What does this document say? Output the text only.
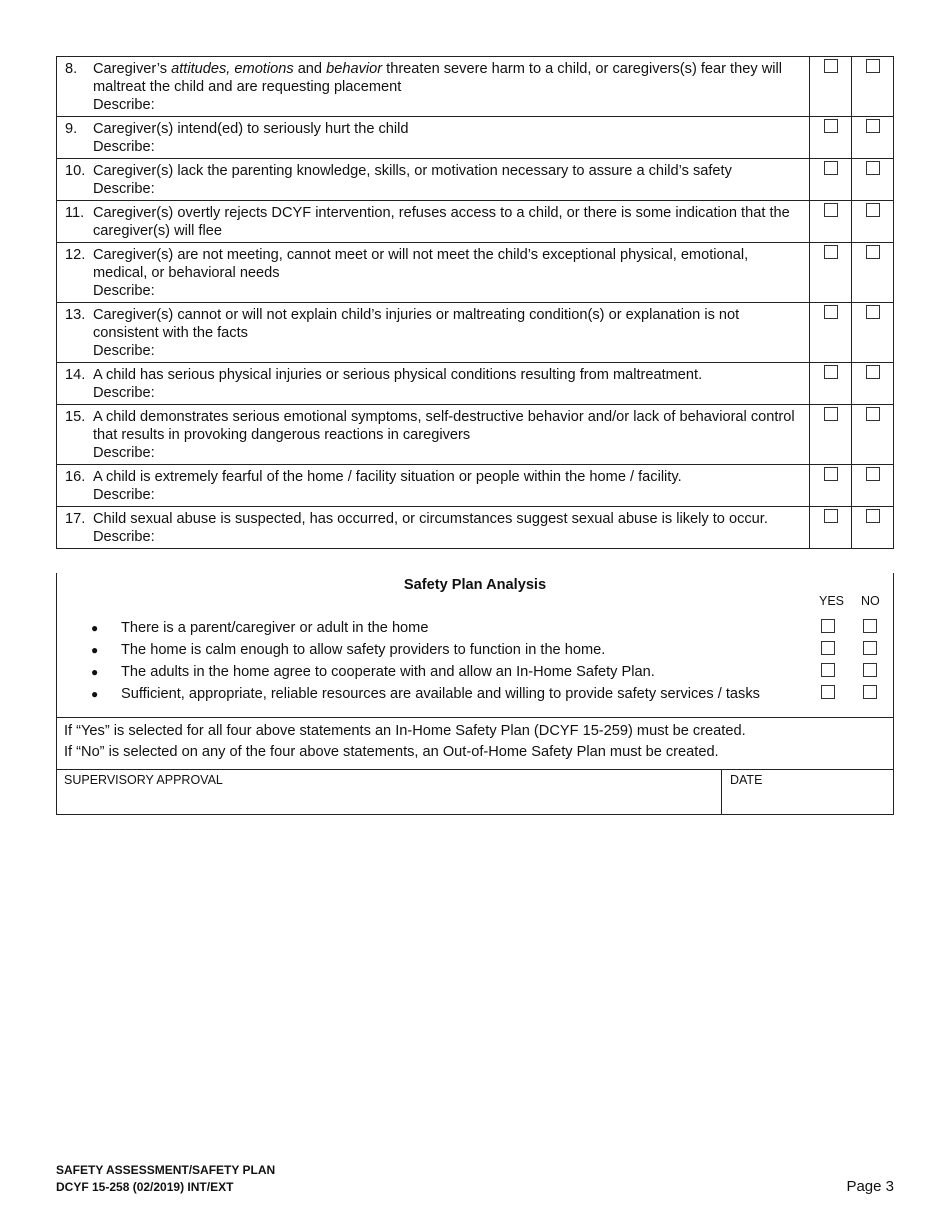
8.	Caregiver’s attitudes, emotions and behavior threaten severe harm to a child, or caregivers(s) fear they will maltreat the child and are requesting placement
Describe:
9.	Caregiver(s) intend(ed) to seriously hurt the child
Describe:
10. Caregiver(s) lack the parenting knowledge, skills, or motivation necessary to assure a child’s safety
Describe:
11. Caregiver(s) overtly rejects DCYF intervention, refuses access to a child, or there is some indication that the caregiver(s) will flee
12. Caregiver(s) are not meeting, cannot meet or will not meet the child’s exceptional physical, emotional, medical, or behavioral needs
Describe:
13. Caregiver(s) cannot or will not explain child’s injuries or maltreating condition(s) or explanation is not consistent with the facts
Describe:
14. A child has serious physical injuries or serious physical conditions resulting from maltreatment.
Describe:
15. A child demonstrates serious emotional symptoms, self-destructive behavior and/or lack of behavioral control that results in provoking dangerous reactions in caregivers
Describe:
16. A child is extremely fearful of the home / facility situation or people within the home / facility.
Describe:
17. Child sexual abuse is suspected, has occurred, or circumstances suggest sexual abuse is likely to occur.
Describe:
Safety Plan Analysis
YES NO
● There is a parent/caregiver or adult in the home
● The home is calm enough to allow safety providers to function in the home.
● The adults in the home agree to cooperate with and allow an In-Home Safety Plan.
● Sufficient, appropriate, reliable resources are available and willing to provide safety services / tasks
If “Yes” is selected for all four above statements an In-Home Safety Plan (DCYF 15-259) must be created.
If “No” is selected on any of the four above statements, an Out-of-Home Safety Plan must be created.
SUPERVISORY APPROVAL	DATE
SAFETY ASSESSMENT/SAFETY PLAN
DCYF 15-258 (02/2019) INT/EXT	Page 3
